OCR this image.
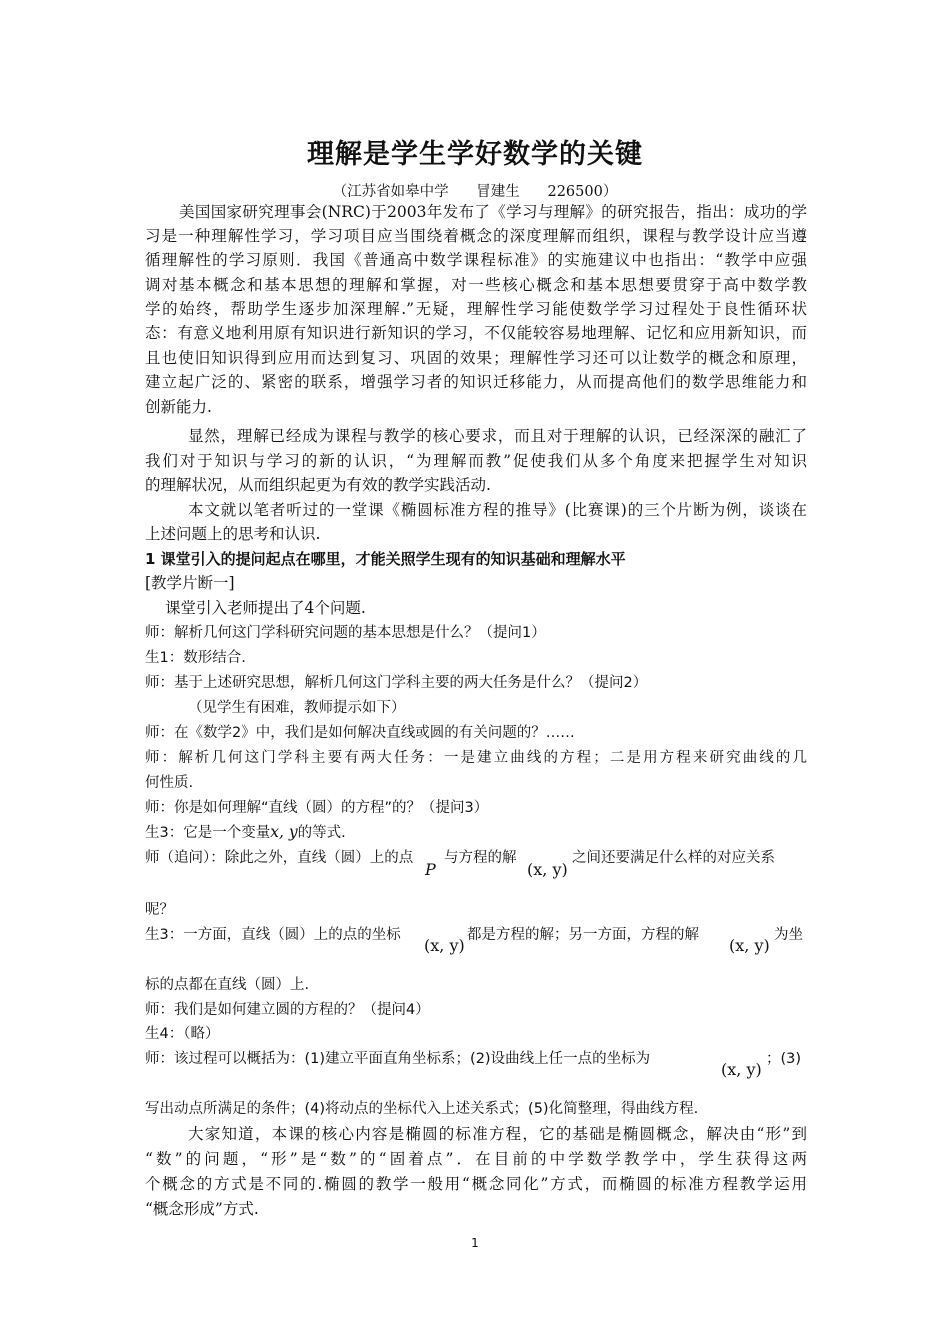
理解是学生学好数学的关键
（江苏省如皋中学      冒建生      226500）
美国国家研究理事会(NRC)于2003年发布了《学习与理解》的研究报告，指出：成功的学
习是一种理解性学习，学习项目应当围绕着概念的深度理解而组织，课程与教学设计应当遵
循理解性的学习原则．我国《普通高中数学课程标准》的实施建议中也指出：“教学中应强
调对基本概念和基本思想的理解和掌握，对一些核心概念和基本思想要贯穿于高中数学教
学的始终，帮助学生逐步加深理解.”无疑，理解性学习能使数学学习过程处于良性循环状
态：有意义地利用原有知识进行新知识的学习，不仅能较容易地理解、记忆和应用新知识，而
且也使旧知识得到应用而达到复习、巩固的效果；理解性学习还可以让数学的概念和原理，
建立起广泛的、紧密的联系，增强学习者的知识迁移能力，从而提高他们的数学思维能力和
创新能力.
显然，理解已经成为课程与教学的核心要求，而且对于理解的认识，已经深深的融汇了
我们对于知识与学习的新的认识，“为理解而教”促使我们从多个角度来把握学生对知识
的理解状况，从而组织起更为有效的教学实践活动.
本文就以笔者听过的一堂课《椭圆标准方程的推导》(比赛课)的三个片断为例，谈谈在
上述问题上的思考和认识.
1 课堂引入的提问起点在哪里，才能关照学生现有的知识基础和理解水平
[教学片断一]
课堂引入老师提出了4个问题.
师：解析几何这门学科研究问题的基本思想是什么？（提问1）
生1：数形结合.
师：基于上述研究思想，解析几何这门学科主要的两大任务是什么？（提问2）
（见学生有困难，教师提示如下）
师：在《数学2》中，我们是如何解决直线或圆的有关问题的？……
师：解析几何这门学科主要有两大任务：一是建立曲线的方程；二是用方程来研究曲线的几
何性质.
师：你是如何理解“直线（圆）的方程”的？（提问3）
生3：它是一个变量x, y的等式.
师（追问）：除此之外，直线（圆）上的点
P
与方程的解
(x, y)
之间还要满足什么样的对应关系
呢？
生3：一方面，直线（圆）上的点的坐标
(x, y)
都是方程的解；另一方面，方程的解
(x, y)
为坐
标的点都在直线（圆）上.
师：我们是如何建立圆的方程的？（提问4）
生4：（略）
师：该过程可以概括为：(1)建立平面直角坐标系；(2)设曲线上任一点的坐标为
(x, y)
；(3)
写出动点所满足的条件；(4)将动点的坐标代入上述关系式；(5)化简整理，得曲线方程.
大家知道，本课的核心内容是椭圆的标准方程，它的基础是椭圆概念，解决由“形”到
“数”的问题，“形”是“数”的“固着点”．在目前的中学数学教学中，学生获得这两
个概念的方式是不同的.椭圆的教学一般用“概念同化”方式，而椭圆的标准方程教学运用
“概念形成”方式.
1
